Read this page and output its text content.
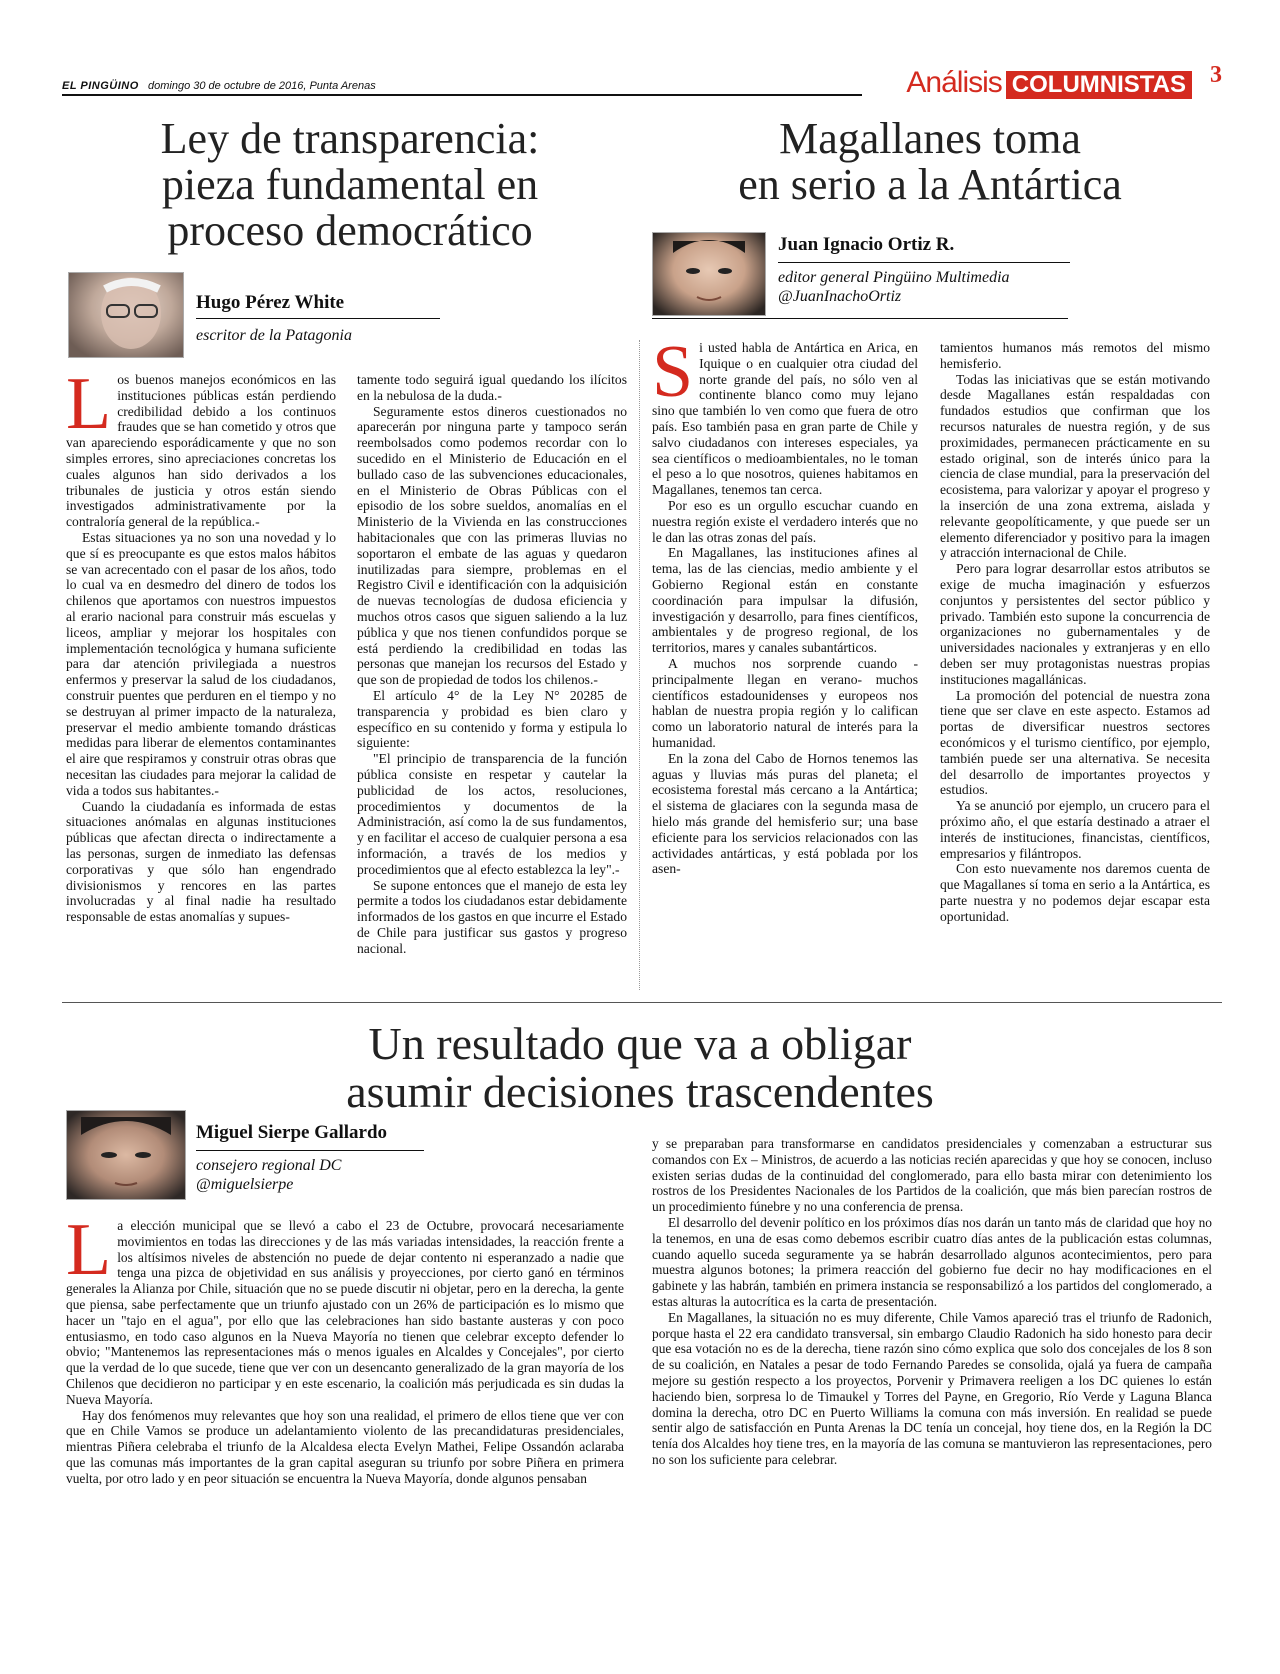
EL PINGÜINO domingo 30 de octubre de 2016, Punta Arenas	Análisis COLUMNISTAS 3
Ley de transparencia:
pieza fundamental en
proceso democrático
Hugo Pérez White
escritor de la Patagonia

Los buenos manejos económicos en las instituciones públicas están perdiendo credibilidad debido a los continuos fraudes que se han cometido y otros que van apareciendo esporádicamente y que no son simples errores, sino apreciaciones concretas los cuales algunos han sido derivados a los tribunales de justicia y otros están siendo investigados administrativamente por la contraloría general de la república.-

Estas situaciones ya no son una novedad y lo que sí es preocupante es que estos malos hábitos se van acrecentado con el pasar de los años, todo lo cual va en desmedro del dinero de todos los chilenos que aportamos con nuestros impuestos al erario nacional para construir más escuelas y liceos, ampliar y mejorar los hospitales con implementación tecnológica y humana suficiente para dar atención privilegiada a nuestros enfermos y preservar la salud de los ciudadanos, construir puentes que perduren en el tiempo y no se destruyan al primer impacto de la naturaleza, preservar el medio ambiente tomando drásticas medidas para liberar de elementos contaminantes el aire que respiramos y construir otras obras que necesitan las ciudades para mejorar la calidad de vida a todos sus habitantes.-

Cuando la ciudadanía es informada de estas situaciones anómalas en algunas instituciones públicas que afectan directa o indirectamente a las personas, surgen de inmediato las defensas corporativas y que sólo han engendrado divisionismos y rencores en las partes involucradas y al final nadie ha resultado responsable de estas anomalías y supues-

tamente todo seguirá igual quedando los ilícitos en la nebulosa de la duda.-

Seguramente estos dineros cuestionados no aparecerán por ninguna parte y tampoco serán reembolsados como podemos recordar con lo sucedido en el Ministerio de Educación en el bullado caso de las subvenciones educacionales, en el Ministerio de Obras Públicas con el episodio de los sobre sueldos, anomalías en el Ministerio de la Vivienda en las construcciones habitacionales que con las primeras lluvias no soportaron el embate de las aguas y quedaron inutilizadas para siempre, problemas en el Registro Civil e identificación con la adquisición de nuevas tecnologías de dudosa eficiencia y muchos otros casos que siguen saliendo a la luz pública y que nos tienen confundidos porque se está perdiendo la credibilidad en todas las personas que manejan los recursos del Estado y que son de propiedad de todos los chilenos.-

El artículo 4° de la Ley N° 20285 de transparencia y probidad es bien claro y específico en su contenido y forma y estipula lo siguiente:

"El principio de transparencia de la función pública consiste en respetar y cautelar la publicidad de los actos, resoluciones, procedimientos y documentos de la Administración, así como la de sus fundamentos, y en facilitar el acceso de cualquier persona a esa información, a través de los medios y procedimientos que al efecto establezca la ley".-

Se supone entonces que el manejo de esta ley permite a todos los ciudadanos estar debidamente informados de los gastos en que incurre el Estado de Chile para justificar sus gastos y progreso nacional.

Magallanes toma
en serio a la Antártica
Juan Ignacio Ortiz R.
editor general Pingüino Multimedia
@JuanInachoOrtiz

Si usted habla de Antártica en Arica, en Iquique o en cualquier otra ciudad del norte grande del país, no sólo ven al continente blanco como muy lejano sino que también lo ven como que fuera de otro país. Eso también pasa en gran parte de Chile y salvo ciudadanos con intereses especiales, ya sea científicos o medioambientales, no le toman el peso a lo que nosotros, quienes habitamos en Magallanes, tenemos tan cerca.

Por eso es un orgullo escuchar cuando en nuestra región existe el verdadero interés que no le dan las otras zonas del país.

En Magallanes, las instituciones afines al tema, las de las ciencias, medio ambiente y el Gobierno Regional están en constante coordinación para impulsar la difusión, investigación y desarrollo, para fines científicos, ambientales y de progreso regional, de los territorios, mares y canales subantárticos.

A muchos nos sorprende cuando -principalmente llegan en verano- muchos científicos estadounidenses y europeos nos hablan de nuestra propia región y lo califican como un laboratorio natural de interés para la humanidad.

En la zona del Cabo de Hornos tenemos las aguas y lluvias más puras del planeta; el ecosistema forestal más cercano a la Antártica; el sistema de glaciares con la segunda masa de hielo más grande del hemisferio sur; una base eficiente para los servicios relacionados con las actividades antárticas, y está poblada por los asen-

tamientos humanos más remotos del mismo hemisferio.

Todas las iniciativas que se están motivando desde Magallanes están respaldadas con fundados estudios que confirman que los recursos naturales de nuestra región, y de sus proximidades, permanecen prácticamente en su estado original, son de interés único para la ciencia de clase mundial, para la preservación del ecosistema, para valorizar y apoyar el progreso y la inserción de una zona extrema, aislada y relevante geopolíticamente, y que puede ser un elemento diferenciador y positivo para la imagen y atracción internacional de Chile.

Pero para lograr desarrollar estos atributos se exige de mucha imaginación y esfuerzos conjuntos y persistentes del sector público y privado. También esto supone la concurrencia de organizaciones no gubernamentales y de universidades nacionales y extranjeras y en ello deben ser muy protagonistas nuestras propias instituciones magallánicas.

La promoción del potencial de nuestra zona tiene que ser clave en este aspecto. Estamos ad portas de diversificar nuestros sectores económicos y el turismo científico, por ejemplo, también puede ser una alternativa. Se necesita del desarrollo de importantes proyectos y estudios.

Ya se anunció por ejemplo, un crucero para el próximo año, el que estaría destinado a atraer el interés de instituciones, financistas, científicos, empresarios y filántropos.

Con esto nuevamente nos daremos cuenta de que Magallanes sí toma en serio a la Antártica, es parte nuestra y no podemos dejar escapar esta oportunidad.

Un resultado que va a obligar
asumir decisiones trascendentes
Miguel Sierpe Gallardo
consejero regional DC
@miguelsierpe

La elección municipal que se llevó a cabo el 23 de Octubre, provocará necesariamente movimientos en todas las direcciones y de las más variadas intensidades, la reacción frente a los altísimos niveles de abstención no puede de dejar contento ni esperanzado a nadie que tenga una pizca de objetividad en sus análisis y proyecciones, por cierto ganó en términos generales la Alianza por Chile, situación que no se puede discutir ni objetar, pero en la derecha, la gente que piensa, sabe perfectamente que un triunfo ajustado con un 26% de participación es lo mismo que hacer un "tajo en el agua", por ello que las celebraciones han sido bastante austeras y con poco entusiasmo, en todo caso algunos en la Nueva Mayoría no tienen que celebrar excepto defender lo obvio; "Mantenemos las representaciones más o menos iguales en Alcaldes y Concejales", por cierto que la verdad de lo que sucede, tiene que ver con un desencanto generalizado de la gran mayoría de los Chilenos que decidieron no participar y en este escenario, la coalición más perjudicada es sin dudas la Nueva Mayoría.

Hay dos fenómenos muy relevantes que hoy son una realidad, el primero de ellos tiene que ver con que en Chile Vamos se produce un adelantamiento violento de las precandidaturas presidenciales, mientras Piñera celebraba el triunfo de la Alcaldesa electa Evelyn Mathei, Felipe Ossandón aclaraba que las comunas más importantes de la gran capital aseguran su triunfo por sobre Piñera en primera vuelta, por otro lado y en peor situación se encuentra la Nueva Mayoría, donde algunos pensaban

y se preparaban para transformarse en candidatos presidenciales y comenzaban a estructurar sus comandos con Ex – Ministros, de acuerdo a las noticias recién aparecidas y que hoy se conocen, incluso existen serias dudas de la continuidad del conglomerado, para ello basta mirar con detenimiento los rostros de los Presidentes Nacionales de los Partidos de la coalición, que más bien parecían rostros de un procedimiento fúnebre y no una conferencia de prensa.

El desarrollo del devenir político en los próximos días nos darán un tanto más de claridad que hoy no la tenemos, en una de esas como debemos escribir cuatro días antes de la publicación estas columnas, cuando aquello suceda seguramente ya se habrán desarrollado algunos acontecimientos, pero para muestra algunos botones; la primera reacción del gobierno fue decir no hay modificaciones en el gabinete y las habrán, también en primera instancia se responsabilizó a los partidos del conglomerado, a estas alturas la autocrítica es la carta de presentación.

En Magallanes, la situación no es muy diferente, Chile Vamos apareció tras el triunfo de Radonich, porque hasta el 22 era candidato transversal, sin embargo Claudio Radonich ha sido honesto para decir que esa votación no es de la derecha, tiene razón sino cómo explica que solo dos concejales de los 8 son de su coalición, en Natales a pesar de todo Fernando Paredes se consolida, ojalá ya fuera de campaña mejore su gestión respecto a los proyectos, Porvenir y Primavera reeligen a los DC quienes lo están haciendo bien, sorpresa lo de Timaukel y Torres del Payne, en Gregorio, Río Verde y Laguna Blanca domina la derecha, otro DC en Puerto Williams la comuna con más inversión. En realidad se puede sentir algo de satisfacción en Punta Arenas la DC tenía un concejal, hoy tiene dos, en la Región la DC tenía dos Alcaldes hoy tiene tres, en la mayoría de las comuna se mantuvieron las representaciones, pero no son los suficiente para celebrar.
